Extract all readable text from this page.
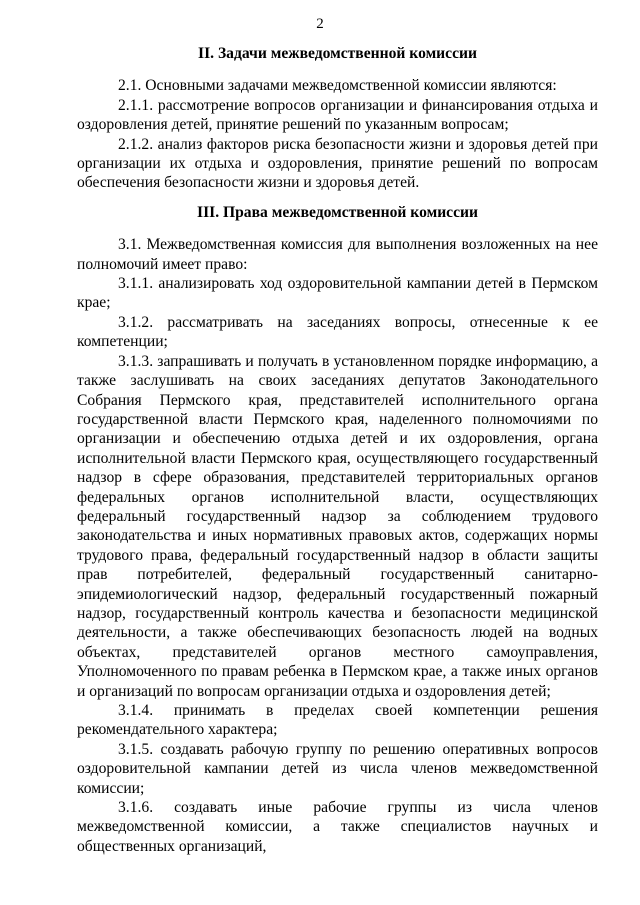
2
II. Задачи межведомственной комиссии

2.1. Основными задачами межведомственной комиссии являются:

2.1.1. рассмотрение вопросов организации и финансирования отдыха и оздоровления детей, принятие решений по указанным вопросам;

2.1.2. анализ факторов риска безопасности жизни и здоровья детей при организации их отдыха и оздоровления, принятие решений по вопросам обеспечения безопасности жизни и здоровья детей.

III. Права межведомственной комиссии

3.1. Межведомственная комиссия для выполнения возложенных на нее полномочий имеет право:

3.1.1. анализировать ход оздоровительной кампании детей в Пермском крае;

3.1.2. рассматривать на заседаниях вопросы, отнесенные к ее компетенции;

3.1.3. запрашивать и получать в установленном порядке информацию, а также заслушивать на своих заседаниях депутатов Законодательного Собрания Пермского края, представителей исполнительного органа государственной власти Пермского края, наделенного полномочиями по организации и обеспечению отдыха детей и их оздоровления, органа исполнительной власти Пермского края, осуществляющего государственный надзор в сфере образования, представителей территориальных органов федеральных органов исполнительной власти, осуществляющих федеральный государственный надзор за соблюдением трудового законодательства и иных нормативных правовых актов, содержащих нормы трудового права, федеральный государственный надзор в области защиты прав потребителей, федеральный государственный санитарно-эпидемиологический надзор, федеральный государственный пожарный надзор, государственный контроль качества и безопасности медицинской деятельности, а также обеспечивающих безопасность людей на водных объектах, представителей органов местного самоуправления, Уполномоченного по правам ребенка в Пермском крае, а также иных органов и организаций по вопросам организации отдыха и оздоровления детей;

3.1.4. принимать в пределах своей компетенции решения рекомендательного характера;

3.1.5. создавать рабочую группу по решению оперативных вопросов оздоровительной кампании детей из числа членов межведомственной комиссии;

3.1.6. создавать иные рабочие группы из числа членов межведомственной комиссии, а также специалистов научных и общественных организаций,
